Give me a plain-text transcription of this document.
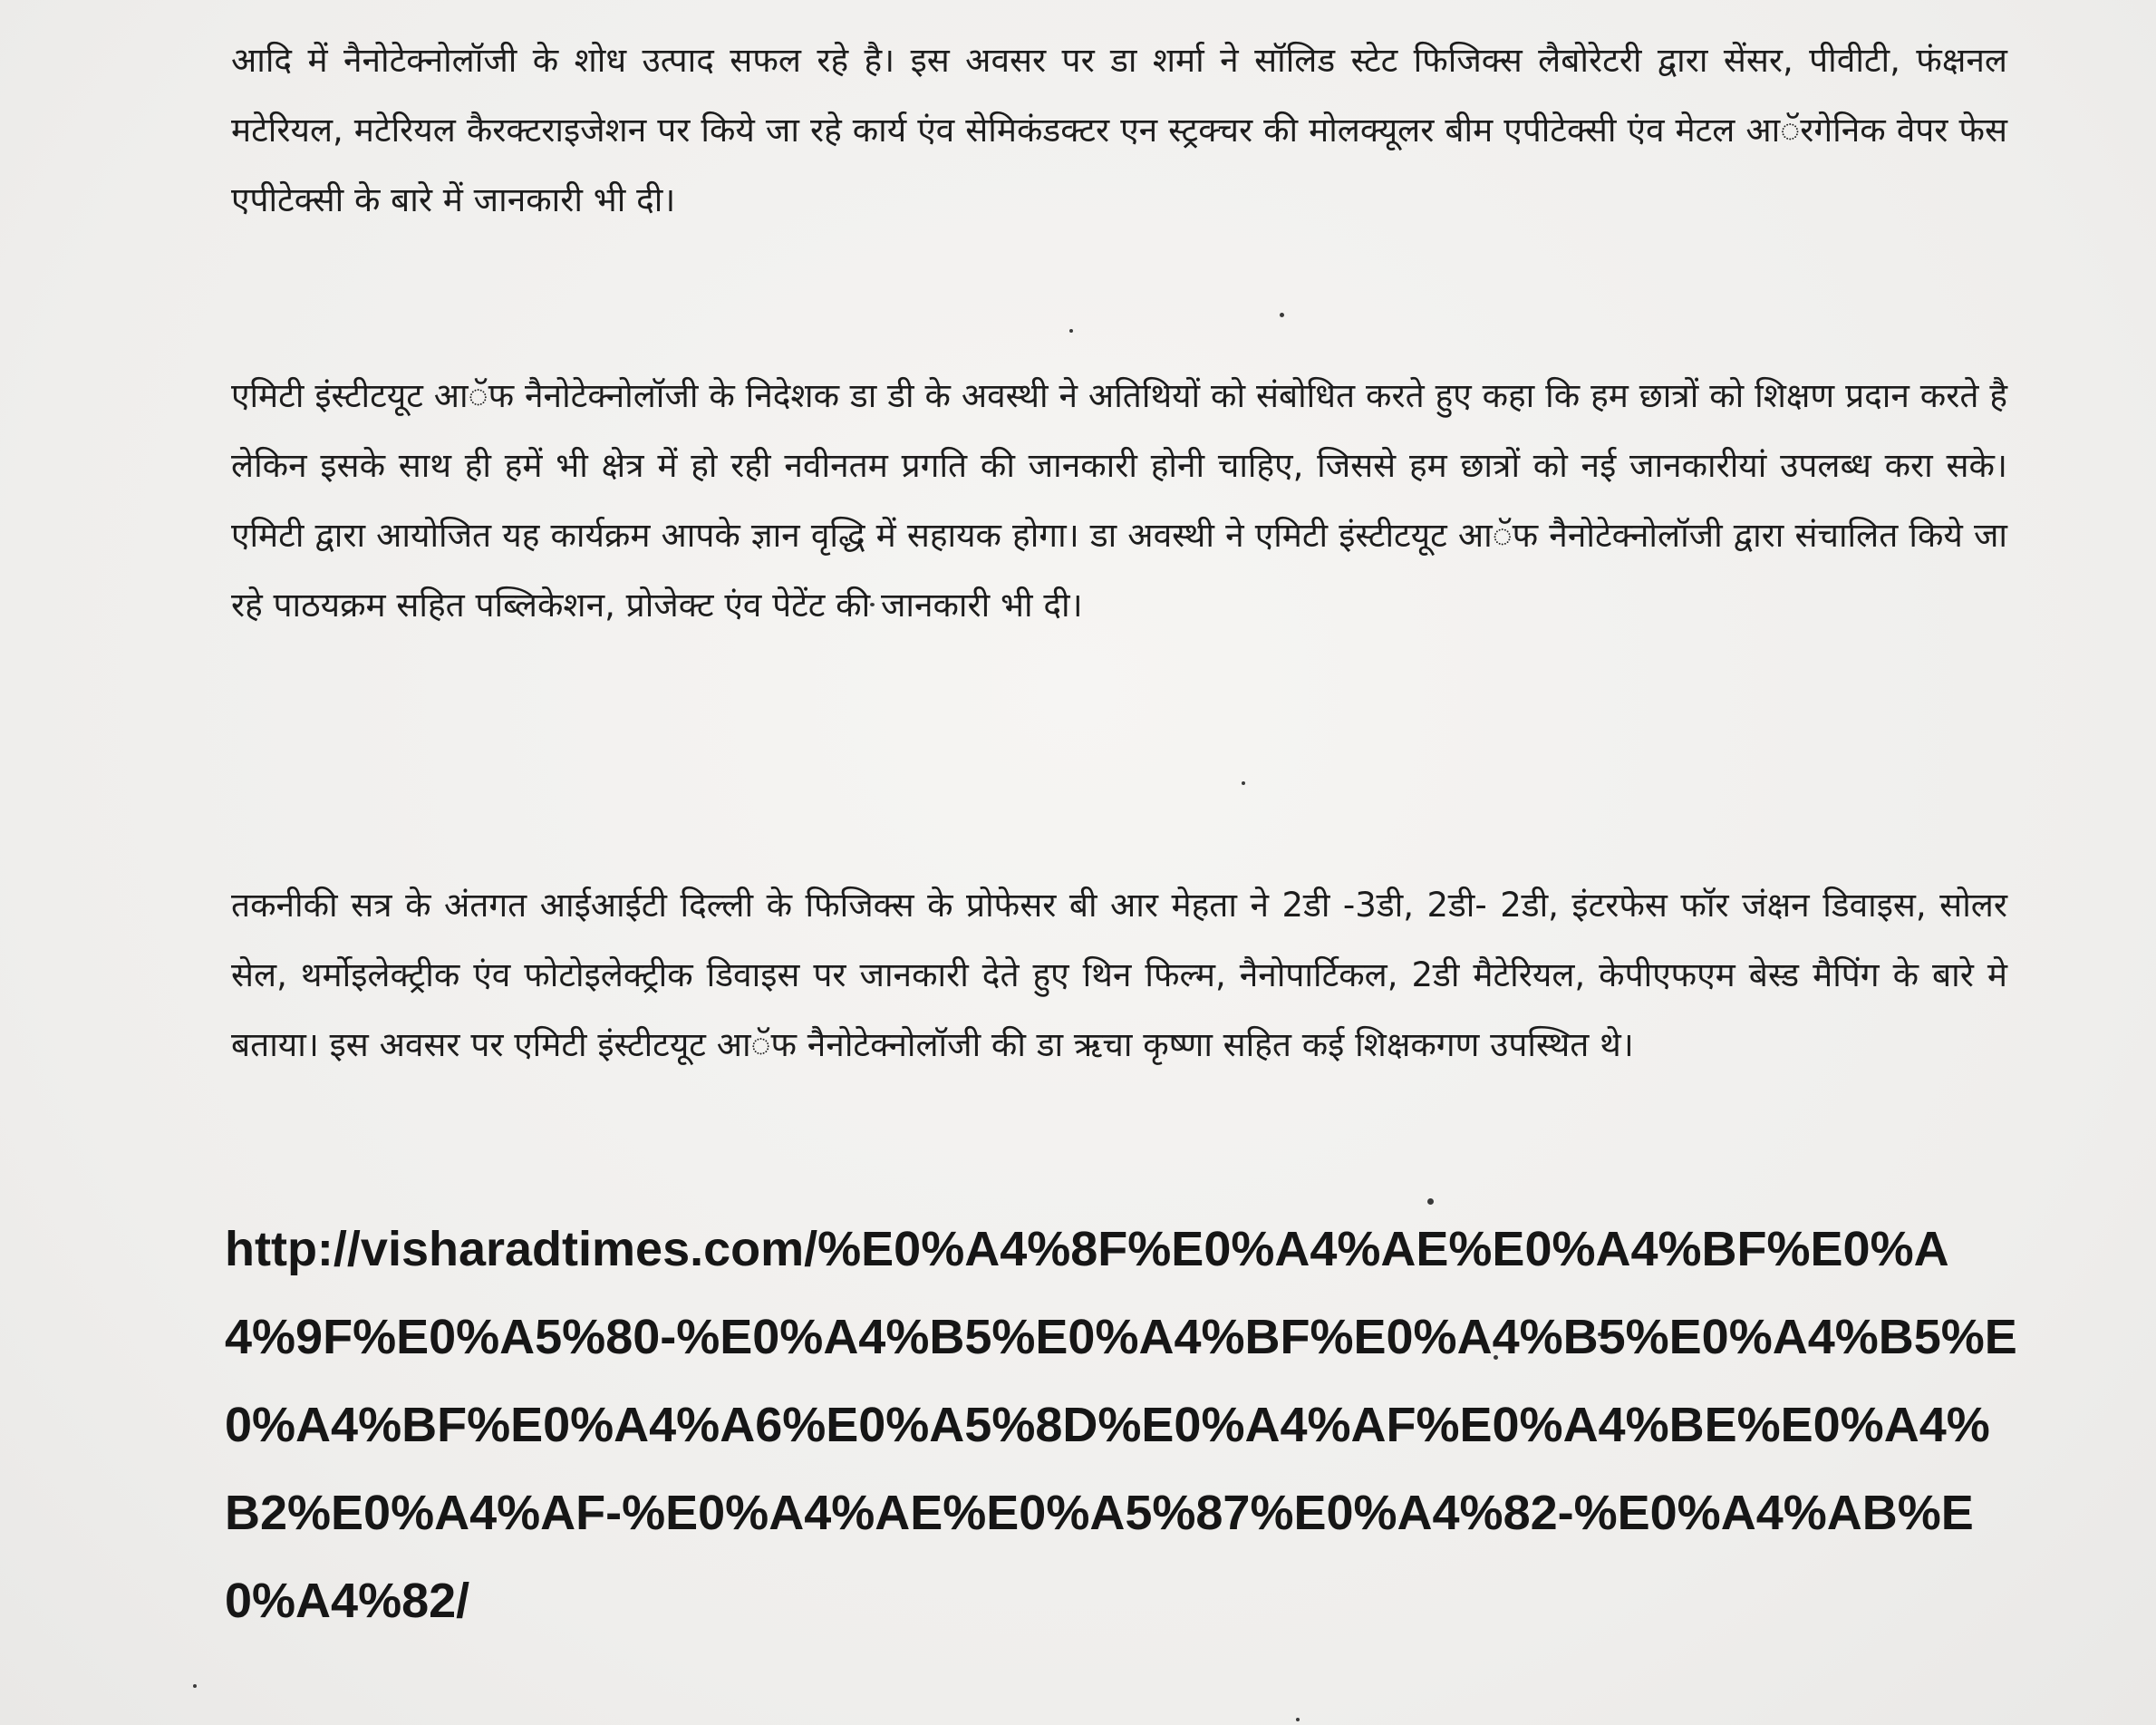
आदि में नैनोटेक्नोलॉजी के शोध उत्पाद सफल रहे है। इस अवसर पर डा शर्मा ने सॉलिड स्टेट फिजिक्स लैबोरेटरी द्वारा सेंसर, पीवीटी, फंक्षनल मटेरियल, मटेरियल कैरक्टराइजेशन पर किये जा रहे कार्य एंव सेमिकंडक्टर एन स्ट्रक्चर की मोलक्यूलर बीम एपीटेक्सी एंव मेटल आॅरगेनिक वेपर फेस एपीटेक्सी के बारे में जानकारी भी दी।

एमिटी इंस्टीटयूट आॅफ नैैनोटेक्नोलॉजी के निदेशक डा डी के अवस्थी ने अतिथियों को संबोधित करते हुए कहा कि हम छात्रों को शिक्षण प्रदान करते है लेकिन इसके साथ ही हमें भी क्षेत्र में हो रही नवीनतम प्रगति की जानकारी होनी चाहिए, जिससे हम छात्रों को नई जानकारीयां उपलब्ध करा सके। एमिटी द्वारा आयोजित यह कार्यक्रम आपके ज्ञान वृद्धि में सहायक होगा। डा अवस्थी ने एमिटी इंस्टीटयूट आॅफ नैैनोटेक्नोलॉजी द्वारा संचालित किये जा रहे पाठयक्रम सहित पब्लिकेशन, प्रोजेक्ट एंव पेटेंट की जानकारी भी दी।

तकनीकी सत्र के अंतगत आईआईटी दिल्ली के फिजिक्स के प्रोफेसर बी आर मेहता ने 2डी -3डी, 2डी- 2डी, इंटरफेस फॉर जंक्षन डिवाइस, सोलर सेल, थर्माेइलेक्ट्रीक एंव फोटोइलेक्ट्रीक डिवाइस पर जानकारी देते हुए थिन फिल्म, नैनोपार्टिकल, 2डी मैटेरियल, केपीएफएम बेस्ड मैपिंग के बारे मे बताया। इस अवसर पर एमिटी इंस्टीटयूट आॅफ नैैनोटेक्नोलॉजी की डा ऋचा कृष्णा सहित कई शिक्षकगण उपस्थित थे।

http://visharadtimes.com/%E0%A4%8F%E0%A4%AE%E0%A4%BF%E0%A4%9F%E0%A5%80-%E0%A4%B5%E0%A4%BF%E0%A4%B5%E0%A4%B5%E0%A4%BF%E0%A4%A6%E0%A5%8D%E0%A4%AF%E0%A4%BE%E0%A4%B2%E0%A4%AF-%E0%A4%AE%E0%A5%87%E0%A4%82-%E0%A4%AB%E0%A4%82/
